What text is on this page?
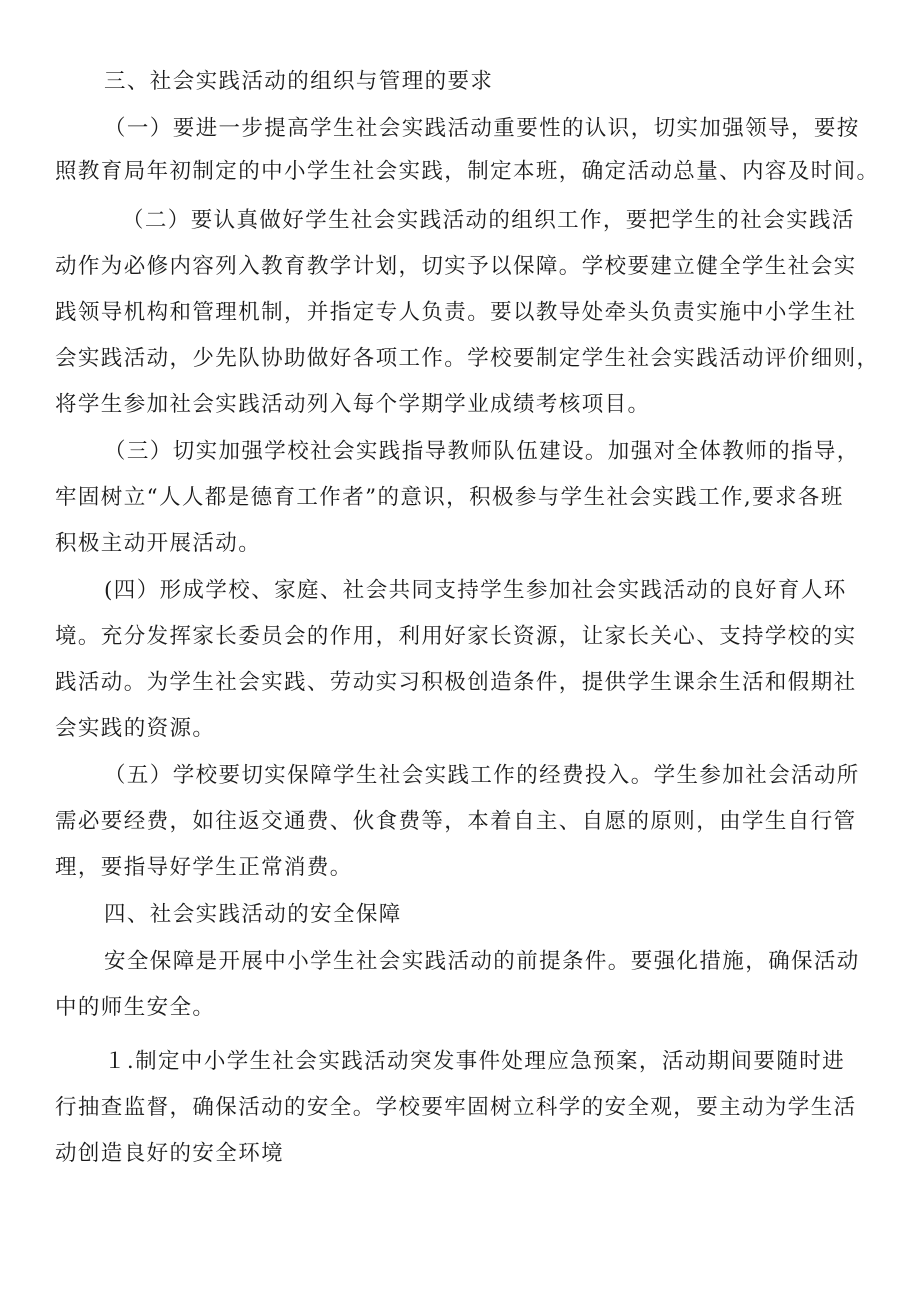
三、社会实践活动的组织与管理的要求
（一）要进一步提高学生社会实践活动重要性的认识，切实加强领导，要按
照教育局年初制定的中小学生社会实践，制定本班，确定活动总量、内容及时间。
（二）要认真做好学生社会实践活动的组织工作，要把学生的社会实践活
动作为必修内容列入教育教学计划，切实予以保障。学校要建立健全学生社会实
践领导机构和管理机制，并指定专人负责。要以教导处牵头负责实施中小学生社
会实践活动，少先队协助做好各项工作。学校要制定学生社会实践活动评价细则，
将学生参加社会实践活动列入每个学期学业成绩考核项目。
（三）切实加强学校社会实践指导教师队伍建设。加强对全体教师的指导，
牢固树立“人人都是德育工作者”的意识，积极参与学生社会实践工作,要求各班
积极主动开展活动。
(四）形成学校、家庭、社会共同支持学生参加社会实践活动的良好育人环
境。充分发挥家长委员会的作用，利用好家长资源，让家长关心、支持学校的实
践活动。为学生社会实践、劳动实习积极创造条件，提供学生课余生活和假期社
会实践的资源。
（五）学校要切实保障学生社会实践工作的经费投入。学生参加社会活动所
需必要经费，如往返交通费、伙食费等，本着自主、自愿的原则，由学生自行管
理，要指导好学生正常消费。
四、社会实践活动的安全保障
安全保障是开展中小学生社会实践活动的前提条件。要强化措施，确保活动
中的师生安全。
１.制定中小学生社会实践活动突发事件处理应急预案，活动期间要随时进
行抽查监督，确保活动的安全。学校要牢固树立科学的安全观，要主动为学生活
动创造良好的安全环境
